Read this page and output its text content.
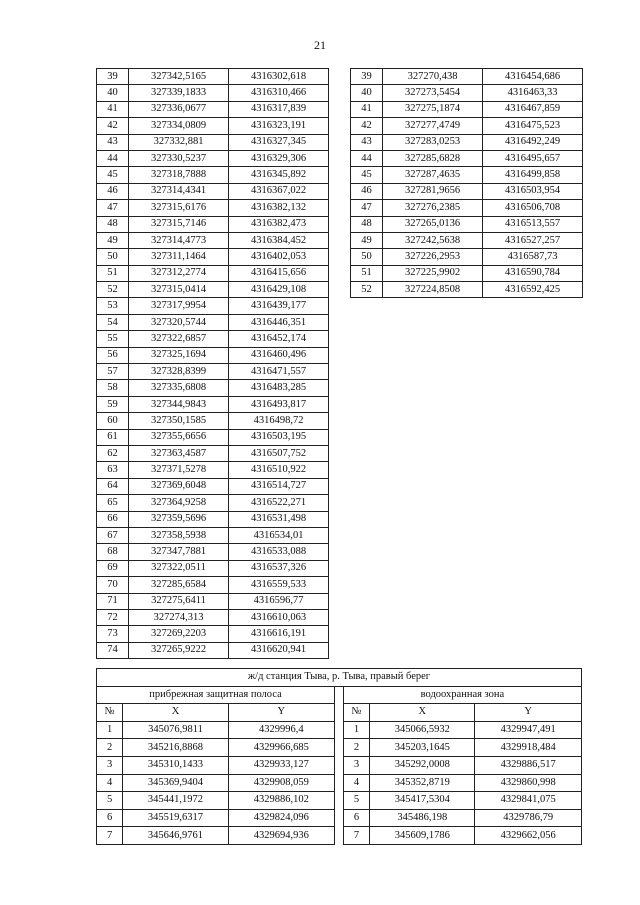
21
39	327342,5165	4316302,618
40	327339,1833	4316310,466
41	327336,0677	4316317,839
42	327334,0809	4316323,191
43	327332,881	4316327,345
44	327330,5237	4316329,306
45	327318,7888	4316345,892
46	327314,4341	4316367,022
47	327315,6176	4316382,132
48	327315,7146	4316382,473
49	327314,4773	4316384,452
50	327311,1464	4316402,053
51	327312,2774	4316415,656
52	327315,0414	4316429,108
53	327317,9954	4316439,177
54	327320,5744	4316446,351
55	327322,6857	4316452,174
56	327325,1694	4316460,496
57	327328,8399	4316471,557
58	327335,6808	4316483,285
59	327344,9843	4316493,817
60	327350,1585	4316498,72
61	327355,6656	4316503,195
62	327363,4587	4316507,752
63	327371,5278	4316510,922
64	327369,6048	4316514,727
65	327364,9258	4316522,271
66	327359,5696	4316531,498
67	327358,5938	4316534,01
68	327347,7881	4316533,088
69	327322,0511	4316537,326
70	327285,6584	4316559,533
71	327275,6411	4316596,77
72	327274,313	4316610,063
73	327269,2203	4316616,191
74	327265,9222	4316620,941
39	327270,438	4316454,686
40	327273,5454	4316463,33
41	327275,1874	4316467,859
42	327277,4749	4316475,523
43	327283,0253	4316492,249
44	327285,6828	4316495,657
45	327287,4635	4316499,858
46	327281,9656	4316503,954
47	327276,2385	4316506,708
48	327265,0136	4316513,557
49	327242,5638	4316527,257
50	327226,2953	4316587,73
51	327225,9902	4316590,784
52	327224,8508	4316592,425
ж/д станция Тыва, р. Тыва, правый берег						
прибрежная защитная полоса				водоохранная зона		
№	X	Y		№	X	Y
1	345076,9811	4329996,4		1	345066,5932	4329947,491
2	345216,8868	4329966,685		2	345203,1645	4329918,484
3	345310,1433	4329933,127		3	345292,0008	4329886,517
4	345369,9404	4329908,059		4	345352,8719	4329860,998
5	345441,1972	4329886,102		5	345417,5304	4329841,075
6	345519,6317	4329824,096		6	345486,198	4329786,79
7	345646,9761	4329694,936		7	345609,1786	4329662,056
